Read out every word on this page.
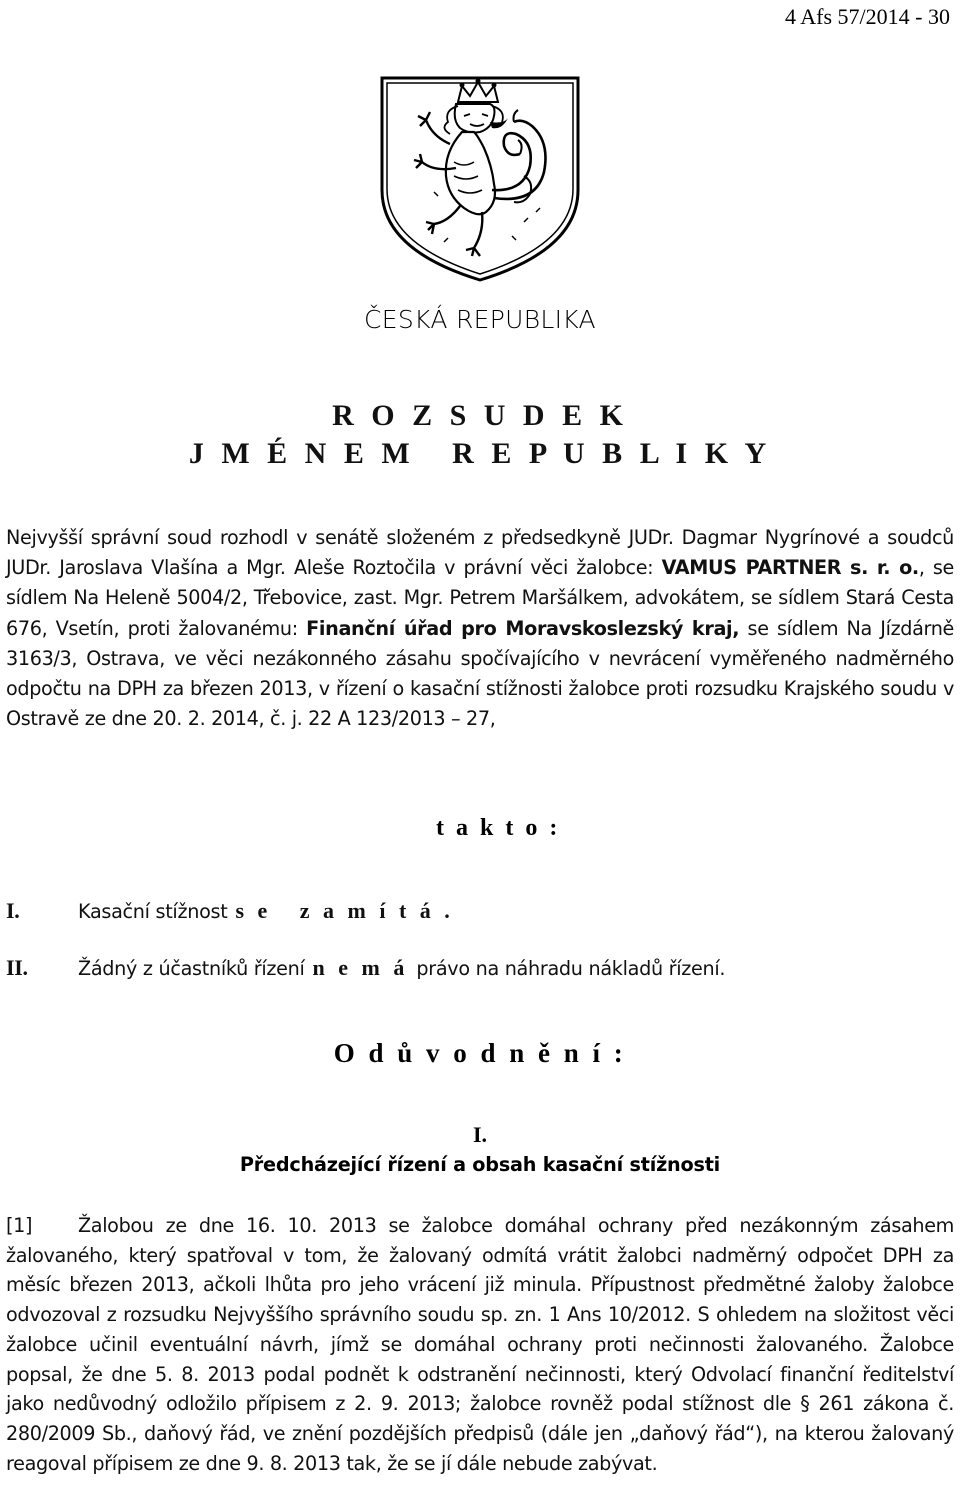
4 Afs 57/2014 - 30
ČESKÁ REPUBLIKA
R O Z S U D E K
J M É N E M   R E P U B L I K Y
Nejvyšší správní soud rozhodl v senátě složeném z předsedkyně JUDr. Dagmar Nygrínové a soudců JUDr. Jaroslava Vlašína a Mgr. Aleše Roztočila v právní věci žalobce: VAMUS PARTNER s. r. o., se sídlem Na Heleně 5004/2, Třebovice, zast. Mgr. Petrem Maršálkem, advokátem, se sídlem Stará Cesta 676, Vsetín, proti žalovanému: Finanční úřad pro Moravskoslezský kraj, se sídlem Na Jízdárně 3163/3, Ostrava, ve věci nezákonného zásahu spočívajícího v nevrácení vyměřeného nadměrného odpočtu na DPH za březen 2013, v řízení o kasační stížnosti žalobce proti rozsudku Krajského soudu v Ostravě ze dne 20. 2. 2014, č. j. 22 A 123/2013 – 27,
t a k t o :
I.	Kasační stížnost s e   z a m í t á .
II.	Žádný z účastníků řízení n e m á právo na náhradu nákladů řízení.
O d ů v o d n ě n í :
I.
Předcházející řízení a obsah kasační stížnosti
[1] Žalobou ze dne 16. 10. 2013 se žalobce domáhal ochrany před nezákonným zásahem žalovaného, který spatřoval v tom, že žalovaný odmítá vrátit žalobci nadměrný odpočet DPH za měsíc březen 2013, ačkoli lhůta pro jeho vrácení již minula. Přípustnost předmětné žaloby žalobce odvozoval z rozsudku Nejvyššího správního soudu sp. zn. 1 Ans 10/2012. S ohledem na složitost věci žalobce učinil eventuální návrh, jímž se domáhal ochrany proti nečinnosti žalovaného. Žalobce popsal, že dne 5. 8. 2013 podal podnět k odstranění nečinnosti, který Odvolací finanční ředitelství jako nedůvodný odložilo přípisem z 2. 9. 2013; žalobce rovněž podal stížnost dle § 261 zákona č. 280/2009 Sb., daňový řád, ve znění pozdějších předpisů (dále jen „daňový řád“), na kterou žalovaný reagoval přípisem ze dne 9. 8. 2013 tak, že se jí dále nebude zabývat.
